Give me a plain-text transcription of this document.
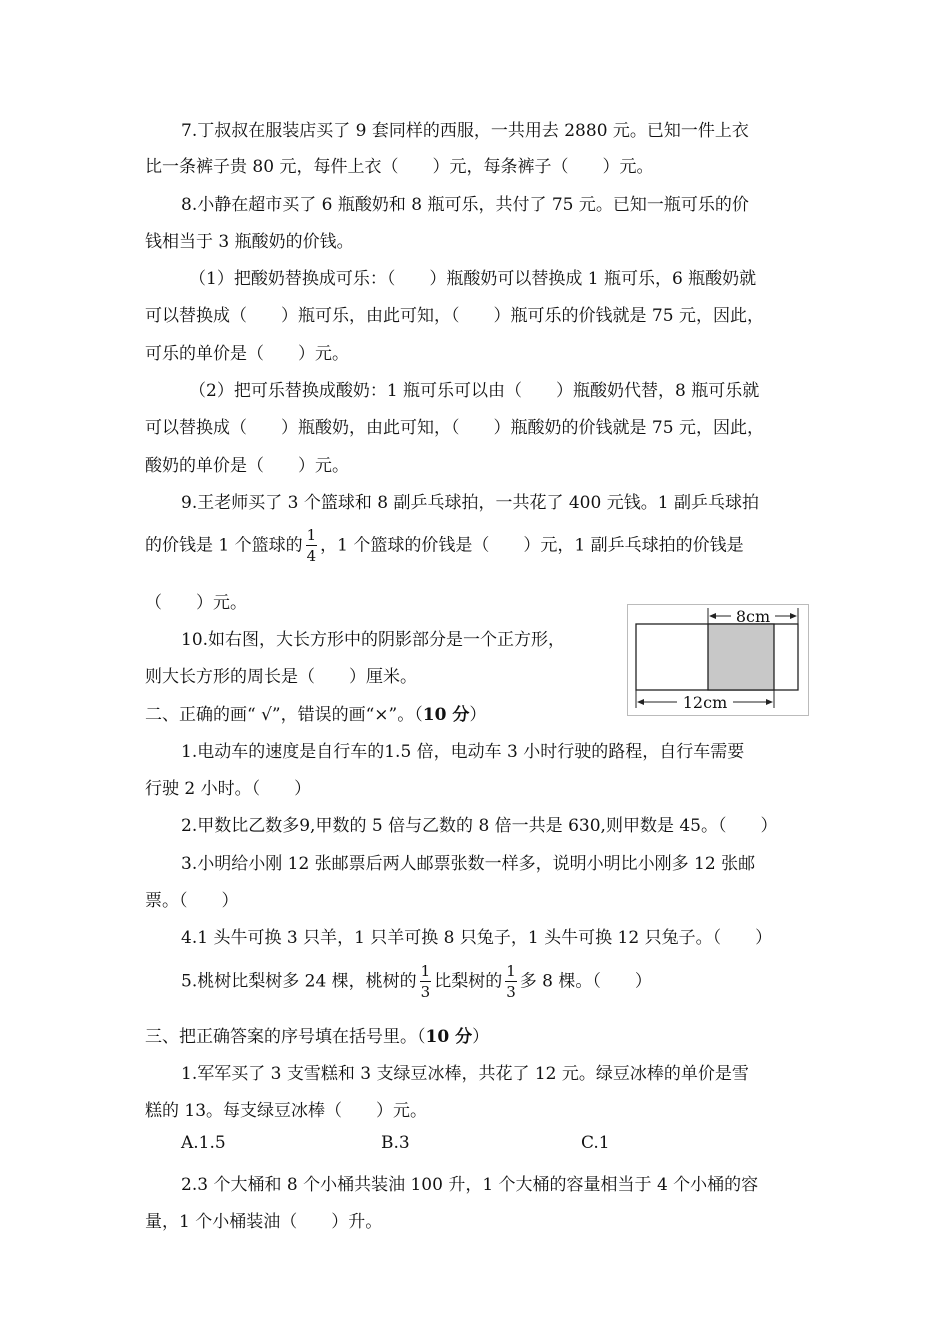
7.丁叔叔在服装店买了 9 套同样的西服，一共用去 2880 元。已知一件上衣
比一条裤子贵 80 元，每件上衣（　　）元，每条裤子（　　）元。
8.小静在超市买了 6 瓶酸奶和 8 瓶可乐，共付了 75 元。已知一瓶可乐的价
钱相当于 3 瓶酸奶的价钱。
（1）把酸奶替换成可乐：（　　）瓶酸奶可以替换成 1 瓶可乐，6 瓶酸奶就
可以替换成（　　）瓶可乐，由此可知，（　　）瓶可乐的价钱就是 75 元，因此，
可乐的单价是（　　）元。
（2）把可乐替换成酸奶：1 瓶可乐可以由（　　）瓶酸奶代替，8 瓶可乐就
可以替换成（　　）瓶酸奶，由此可知，（　　）瓶酸奶的价钱就是 75 元，因此，
酸奶的单价是（　　）元。
9.王老师买了 3 个篮球和 8 副乒乓球拍，一共花了 400 元钱。1 副乒乓球拍
的价钱是 1 个篮球的 $\frac{1}{4}$ ，1 个篮球的价钱是（　　）元，1 副乒乓球拍的价钱是
（　　）元。
10.如右图，大长方形中的阴影部分是一个正方形，
则大长方形的周长是（　　）厘米。
8cm
12cm
二、正确的画“ √”，错误的画“×”。（10 分）
1.电动车的速度是自行车的1.5 倍，电动车 3 小时行驶的路程，自行车需要
行驶 2 小时。（　　）
2.甲数比乙数多9,甲数的 5 倍与乙数的 8 倍一共是 630,则甲数是 45。（　　）
3.小明给小刚 12 张邮票后两人邮票张数一样多，说明小明比小刚多 12 张邮
票。（　　）
4.1 头牛可换 3 只羊，1 只羊可换 8 只兔子，1 头牛可换 12 只兔子。（　　）
5.桃树比梨树多 24 棵，桃树的 $\frac{1}{3}$ 比梨树的 $\frac{1}{3}$ 多 8 棵。（　　）
三、把正确答案的序号填在括号里。（10 分）
1.军军买了 3 支雪糕和 3 支绿豆冰棒，共花了 12 元。绿豆冰棒的单价是雪
糕的 13。每支绿豆冰棒（　　）元。
A.1.5	B.3	C.1
2.3 个大桶和 8 个小桶共装油 100 升，1 个大桶的容量相当于 4 个小桶的容
量，1 个小桶装油（　　）升。
